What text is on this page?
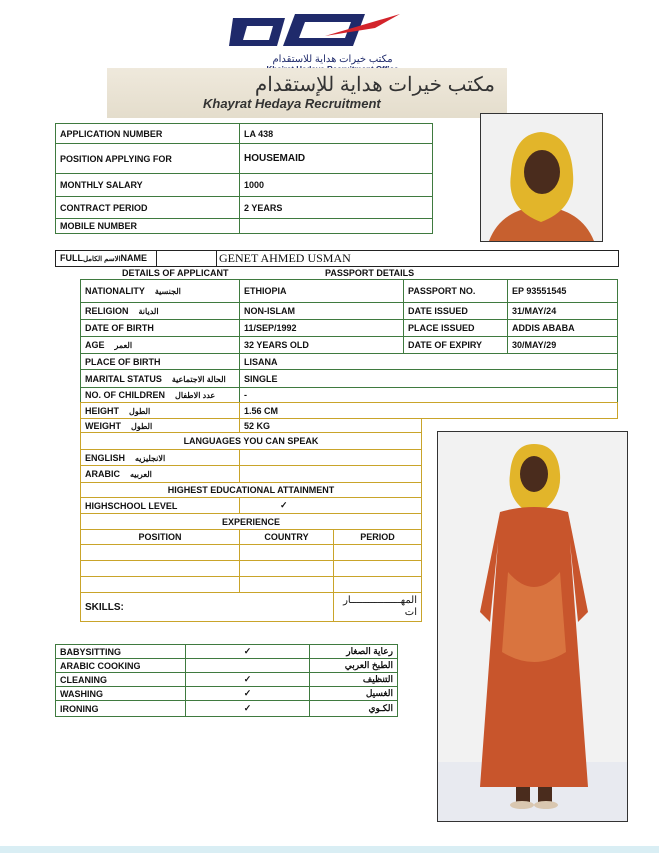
مكتب خيرات هداية للاستقدام
مكتب خيرات هداية للإستقدام
Khayrat Hedaya Recruitment
APPLICATION NUMBER	LA 438
POSITION APPLYING FOR	HOUSEMAID
MONTHLY SALARY	1000
CONTRACT PERIOD	2 YEARS
MOBILE NUMBER	
FULLالاسم الكاملNAME	GENET AHMED USMAN
DETAILS OF APPLICANT	PASSPORT DETAILS
NATIONALITY الجنسية	ETHIOPIA	PASSPORT NO.	EP 93551545
RELIGION الديانة	NON-ISLAM	DATE ISSUED	31/MAY/24
DATE OF BIRTH	11/SEP/1992	PLACE ISSUED	ADDIS ABABA
AGE العمر	32 YEARS OLD	DATE OF EXPIRY	30/MAY/29
PLACE OF BIRTH	LISANA		
MARITAL STATUS الحالة الاجتماعية	SINGLE		
NO. OF CHILDREN عدد الاطفال	-		
HEIGHT الطول	1.56 CM
WEIGHT الطول	52 KG	
LANGUAGES YOU CAN SPEAK		
ENGLISH الانجليزيه		
ARABIC العربيه		
HIGHEST EDUCATIONAL ATTAINMENT		
HIGHSCHOOL LEVEL	✓	
EXPERIENCE		
POSITION	COUNTRY	PERIOD

SKILLS:		المهـــــــــــــــــار ات
BABYSITTING	✓	رعاية الصغار
ARABIC COOKING		الطبخ العربي
CLEANING	✓	التنظيف
WASHING	✓	الغسيل
IRONING	✓	الكـوي
